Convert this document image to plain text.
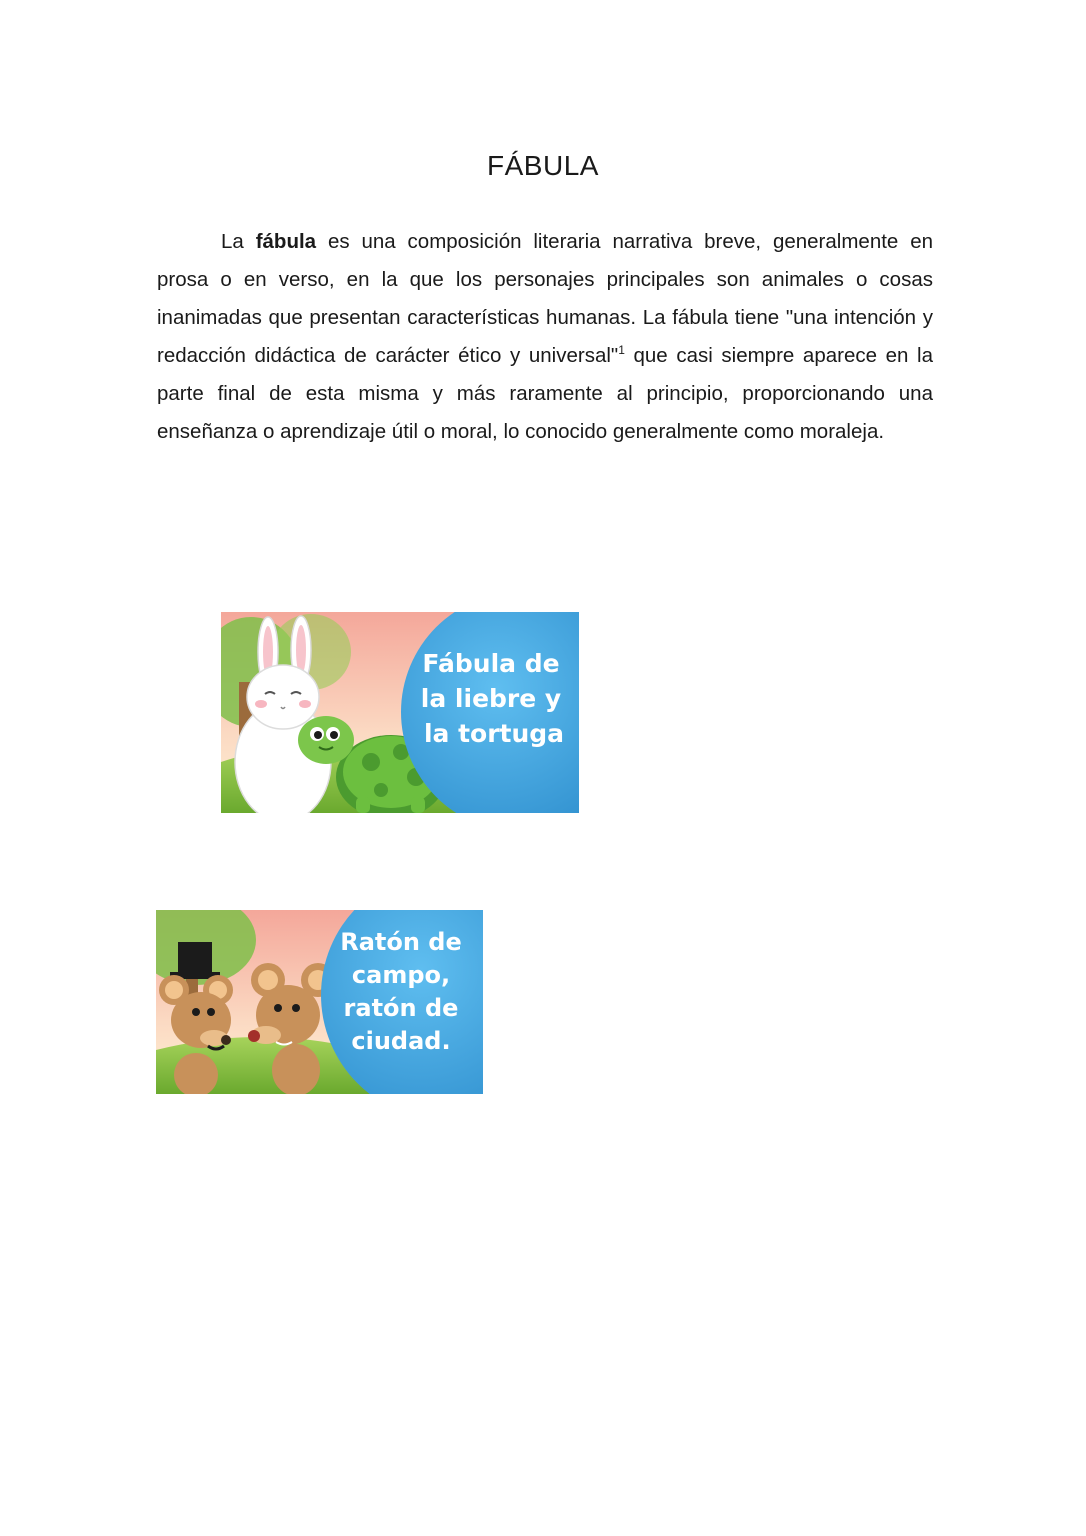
FÁBULA

La fábula es una composición literaria narrativa breve, generalmente en prosa o en verso, en la que los personajes principales son animales o cosas inanimadas que presentan características humanas. La fábula tiene "una intención y redacción didáctica de carácter ético y universal"$^1$ que casi siempre aparece en la parte final de esta misma y más raramente al principio, proporcionando una enseñanza o aprendizaje útil o moral, lo conocido generalmente como moraleja.

Fábula de
la liebre y
la tortuga
Ratón de
campo,
ratón de
ciudad.
